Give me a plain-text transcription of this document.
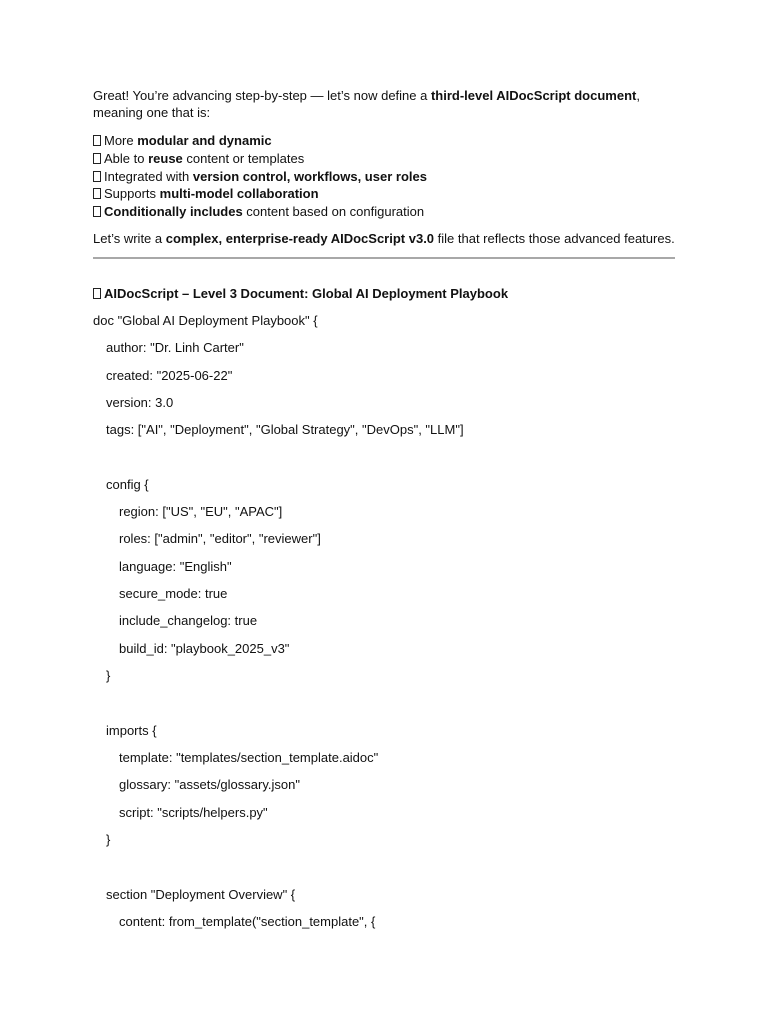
Great! You’re advancing step-by-step — let’s now define a third-level AIDocScript document,

meaning one that is:

More modular and dynamic
Able to reuse content or templates
Integrated with version control, workflows, user roles
Supports multi-model collaboration
Conditionally includes content based on configuration
Let’s write a complex, enterprise-ready AIDocScript v3.0 file that reflects those advanced features.
AIDocScript – Level 3 Document: Global AI Deployment Playbook
doc "Global AI Deployment Playbook" {
author: "Dr. Linh Carter"
created: "2025-06-22"
version: 3.0
tags: ["AI", "Deployment", "Global Strategy", "DevOps", "LLM"]
config {
region: ["US", "EU", "APAC"]
roles: ["admin", "editor", "reviewer"]
language: "English"
secure_mode: true
include_changelog: true
build_id: "playbook_2025_v3"
}
imports {
template: "templates/section_template.aidoc"
glossary: "assets/glossary.json"
script: "scripts/helpers.py"
}
section "Deployment Overview" {
content: from_template("section_template", {
